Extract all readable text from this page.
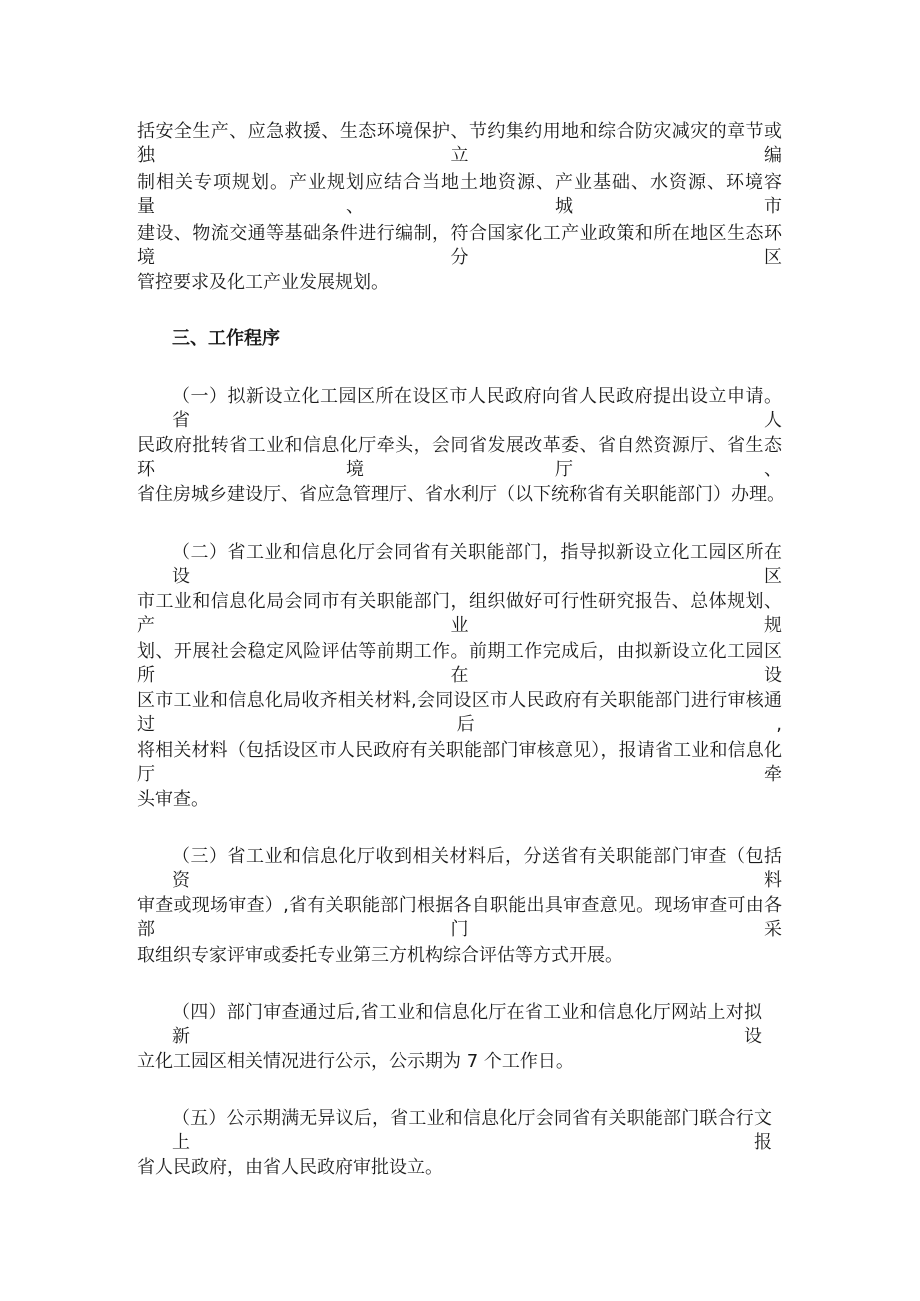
括安全生产、应急救援、生态环境保护、节约集约用地和综合防灾减灾的章节或独立编

制相关专项规划。产业规划应结合当地土地资源、产业基础、水资源、环境容量、城市

建设、物流交通等基础条件进行编制，符合国家化工产业政策和所在地区生态环境分区

管控要求及化工产业发展规划。

三、工作程序

（一）拟新设立化工园区所在设区市人民政府向省人民政府提出设立申请。省人

民政府批转省工业和信息化厅牵头，会同省发展改革委、省自然资源厅、省生态环境厅、

省住房城乡建设厅、省应急管理厅、省水利厅（以下统称省有关职能部门）办理。

（二）省工业和信息化厅会同省有关职能部门，指导拟新设立化工园区所在设区

市工业和信息化局会同市有关职能部门，组织做好可行性研究报告、总体规划、产业规

划、开展社会稳定风险评估等前期工作。前期工作完成后，由拟新设立化工园区所在设

区市工业和信息化局收齐相关材料,会同设区市人民政府有关职能部门进行审核通过后,

将相关材料（包括设区市人民政府有关职能部门审核意见），报请省工业和信息化厅牵

头审查。

（三）省工业和信息化厅收到相关材料后，分送省有关职能部门审查（包括资料

审查或现场审查）,省有关职能部门根据各自职能出具审查意见。现场审查可由各部门采

取组织专家评审或委托专业第三方机构综合评估等方式开展。

（四）部门审查通过后,省工业和信息化厅在省工业和信息化厅网站上对拟新设

立化工园区相关情况进行公示，公示期为 7 个工作日。

（五）公示期满无异议后，省工业和信息化厅会同省有关职能部门联合行文上报

省人民政府，由省人民政府审批设立。
